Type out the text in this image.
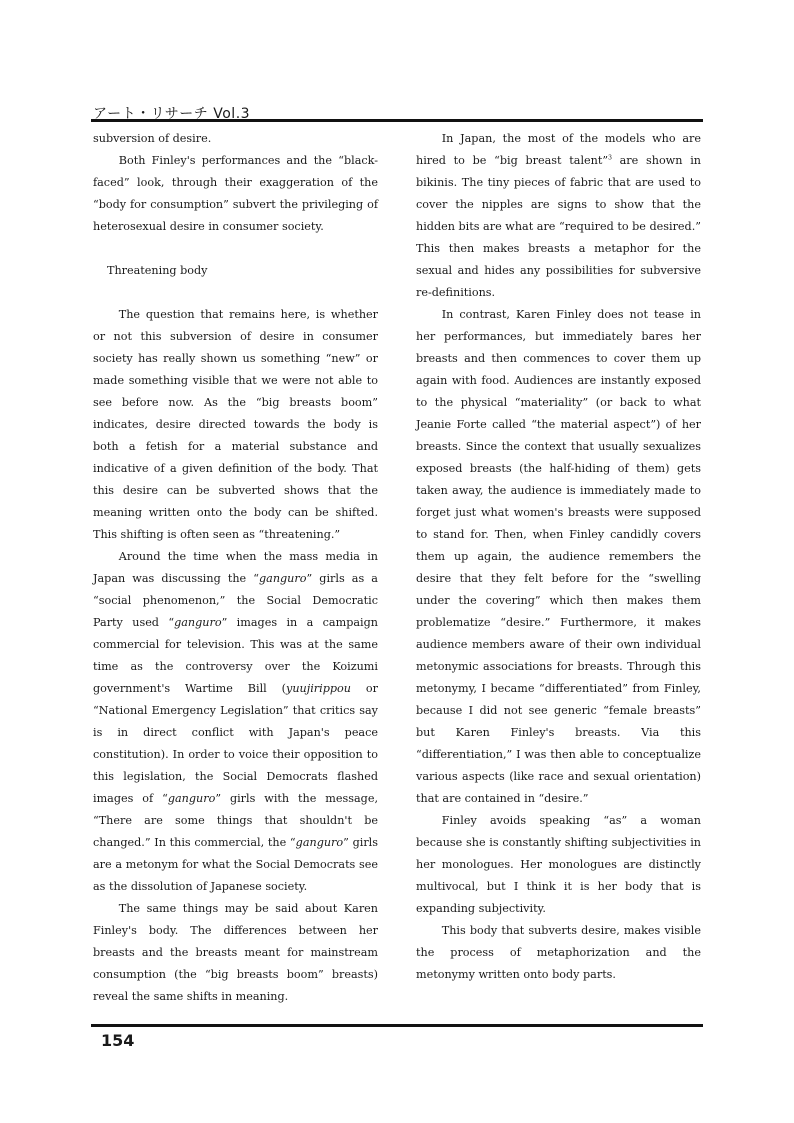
アート・リサーチ Vol.3

subversion of desire.

Both Finley's performances and the “black-faced” look, through their exaggeration of the “body for consumption” subvert the privileging of heterosexual desire in consumer society.

Threatening body

The question that remains here, is whether or not this subversion of desire in consumer society has really shown us something “new” or made something visible that we were not able to see before now. As the “big breasts boom” indicates, desire directed towards the body is both a fetish for a material substance and indicative of a given definition of the body. That this desire can be subverted shows that the meaning written onto the body can be shifted. This shifting is often seen as “threatening.”

Around the time when the mass media in Japan was discussing the “ganguro” girls as a “social phenomenon,” the Social Democratic Party used “ganguro” images in a campaign commercial for television. This was at the same time as the controversy over the Koizumi government's Wartime Bill (yuujirippou or “National Emergency Legislation” that critics say is in direct conflict with Japan's peace constitution). In order to voice their opposition to this legislation, the Social Democrats flashed images of “ganguro” girls with the message, “There are some things that shouldn't be changed.” In this commercial, the “ganguro” girls are a metonym for what the Social Democrats see as the dissolution of Japanese society.

The same things may be said about Karen Finley's body. The differences between her breasts and the breasts meant for mainstream consumption (the “big breasts boom” breasts) reveal the same shifts in meaning.

In Japan, the most of the models who are hired to be “big breast talent”$^3$ are shown in bikinis. The tiny pieces of fabric that are used to cover the nipples are signs to show that the hidden bits are what are “required to be desired.” This then makes breasts a metaphor for the sexual and hides any possibilities for subversive re-definitions.

In contrast, Karen Finley does not tease in her performances, but immediately bares her breasts and then commences to cover them up again with food. Audiences are instantly exposed to the physical “materiality” (or back to what Jeanie Forte called “the material aspect”) of her breasts. Since the context that usually sexualizes exposed breasts (the half-hiding of them) gets taken away, the audience is immediately made to forget just what women's breasts were supposed to stand for. Then, when Finley candidly covers them up again, the audience remembers the desire that they felt before for the “swelling under the covering” which then makes them problematize “desire.” Furthermore, it makes audience members aware of their own individual metonymic associations for breasts. Through this metonymy, I became “differentiated” from Finley, because I did not see generic “female breasts” but Karen Finley's breasts. Via this “differentiation,” I was then able to conceptualize various aspects (like race and sexual orientation) that are contained in “desire.”

Finley avoids speaking “as” a woman because she is constantly shifting subjectivities in her monologues. Her monologues are distinctly multivocal, but I think it is her body that is expanding subjectivity.

This body that subverts desire, makes visible the process of metaphorization and the metonymy written onto body parts.

154
